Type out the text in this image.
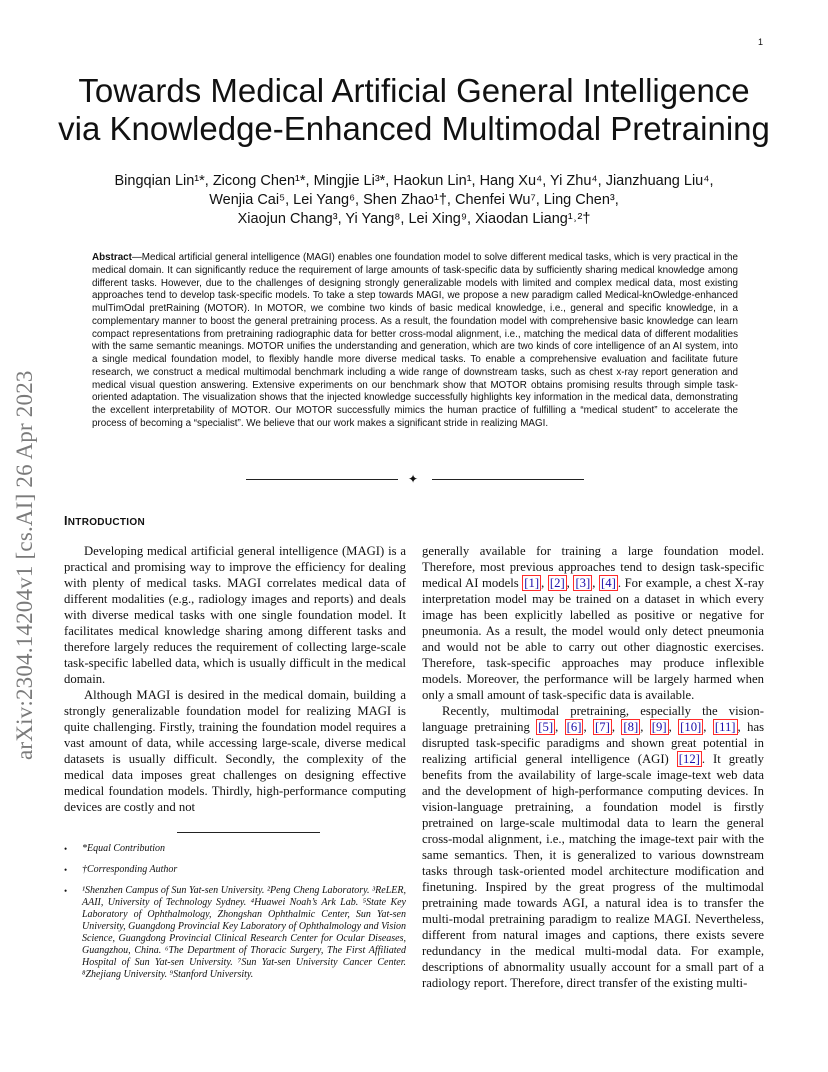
1
arXiv:2304.14204v1 [cs.AI] 26 Apr 2023
Towards Medical Artificial General Intelligence
via Knowledge-Enhanced Multimodal Pretraining
Bingqian Lin¹*, Zicong Chen¹*, Mingjie Li³*, Haokun Lin¹, Hang Xu⁴, Yi Zhu⁴, Jianzhuang Liu⁴,
Wenjia Cai⁵, Lei Yang⁶, Shen Zhao¹†, Chenfei Wu⁷, Ling Chen³,
Xiaojun Chang³, Yi Yang⁸, Lei Xing⁹, Xiaodan Liang¹˒²†
Abstract—Medical artificial general intelligence (MAGI) enables one foundation model to solve different medical tasks, which is very practical in the medical domain. It can significantly reduce the requirement of large amounts of task-specific data by sufficiently sharing medical knowledge among different tasks. However, due to the challenges of designing strongly generalizable models with limited and complex medical data, most existing approaches tend to develop task-specific models. To take a step towards MAGI, we propose a new paradigm called Medical-knOwledge-enhanced mulTimOdal pretRaining (MOTOR). In MOTOR, we combine two kinds of basic medical knowledge, i.e., general and specific knowledge, in a complementary manner to boost the general pretraining process. As a result, the foundation model with comprehensive basic knowledge can learn compact representations from pretraining radiographic data for better cross-modal alignment, i.e., matching the medical data of different modalities with the same semantic meanings. MOTOR unifies the understanding and generation, which are two kinds of core intelligence of an AI system, into a single medical foundation model, to flexibly handle more diverse medical tasks. To enable a comprehensive evaluation and facilitate future research, we construct a medical multimodal benchmark including a wide range of downstream tasks, such as chest x-ray report generation and medical visual question answering. Extensive experiments on our benchmark show that MOTOR obtains promising results through simple task-oriented adaptation. The visualization shows that the injected knowledge successfully highlights key information in the medical data, demonstrating the excellent interpretability of MOTOR. Our MOTOR successfully mimics the human practice of fulfilling a “medical student” to accelerate the process of becoming a “specialist”. We believe that our work makes a significant stride in realizing MAGI.
✦
INTRODUCTION

Developing medical artificial general intelligence (MAGI) is a practical and promising way to improve the efficiency for dealing with plenty of medical tasks. MAGI correlates medical data of different modalities (e.g., radiology images and reports) and deals with diverse medical tasks with one single foundation model. It facilitates medical knowledge sharing among different tasks and therefore largely reduces the requirement of collecting large-scale task-specific labelled data, which is usually difficult in the medical domain.

Although MAGI is desired in the medical domain, building a strongly generalizable foundation model for realizing MAGI is quite challenging. Firstly, training the foundation model requires a vast amount of data, while accessing large-scale, diverse medical datasets is usually difficult. Secondly, the complexity of the medical data imposes great challenges on designing effective medical foundation models. Thirdly, high-performance computing devices are costly and not

generally available for training a large foundation model. Therefore, most previous approaches tend to design task-specific medical AI models [1] , [2] , [3] , [4] . For example, a chest X-ray interpretation model may be trained on a dataset in which every image has been explicitly labelled as positive or negative for pneumonia. As a result, the model would only detect pneumonia and would not be able to carry out other diagnostic exercises. Therefore, task-specific approaches may produce inflexible models. Moreover, the performance will be largely harmed when only a small amount of task-specific data is available.

Recently, multimodal pretraining, especially the vision-language pretraining [5] , [6] , [7] , [8] , [9] , [10] , [11] , has disrupted task-specific paradigms and shown great potential in realizing artificial general intelligence (AGI) [12] . It greatly benefits from the availability of large-scale image-text web data and the development of high-performance computing devices. In vision-language pretraining, a foundation model is firstly pretrained on large-scale multimodal data to learn the general cross-modal alignment, i.e., matching the image-text pair with the same semantics. Then, it is generalized to various downstream tasks through task-oriented model architecture modification and finetuning. Inspired by the great progress of the multimodal pretraining made towards AGI, a natural idea is to transfer the multi-modal pretraining paradigm to realize MAGI. Nevertheless, different from natural images and captions, there exists severe redundancy in the medical multi-modal data. For example, descriptions of abnormality usually account for a small part of a radiology report. Therefore, direct transfer of the existing multi-

• *Equal Contribution
• †Corresponding Author
• ¹Shenzhen Campus of Sun Yat-sen University. ²Peng Cheng Laboratory. ³ReLER, AAII, University of Technology Sydney. ⁴Huawei Noah’s Ark Lab. ⁵State Key Laboratory of Ophthalmology, Zhongshan Ophthalmic Center, Sun Yat-sen University, Guangdong Provincial Key Laboratory of Ophthalmology and Vision Science, Guangdong Provincial Clinical Research Center for Ocular Diseases, Guangzhou, China. ⁶The Department of Thoracic Surgery, The First Affiliated Hospital of Sun Yat-sen University. ⁷Sun Yat-sen University Cancer Center. ⁸Zhejiang University. ⁹Stanford University.
